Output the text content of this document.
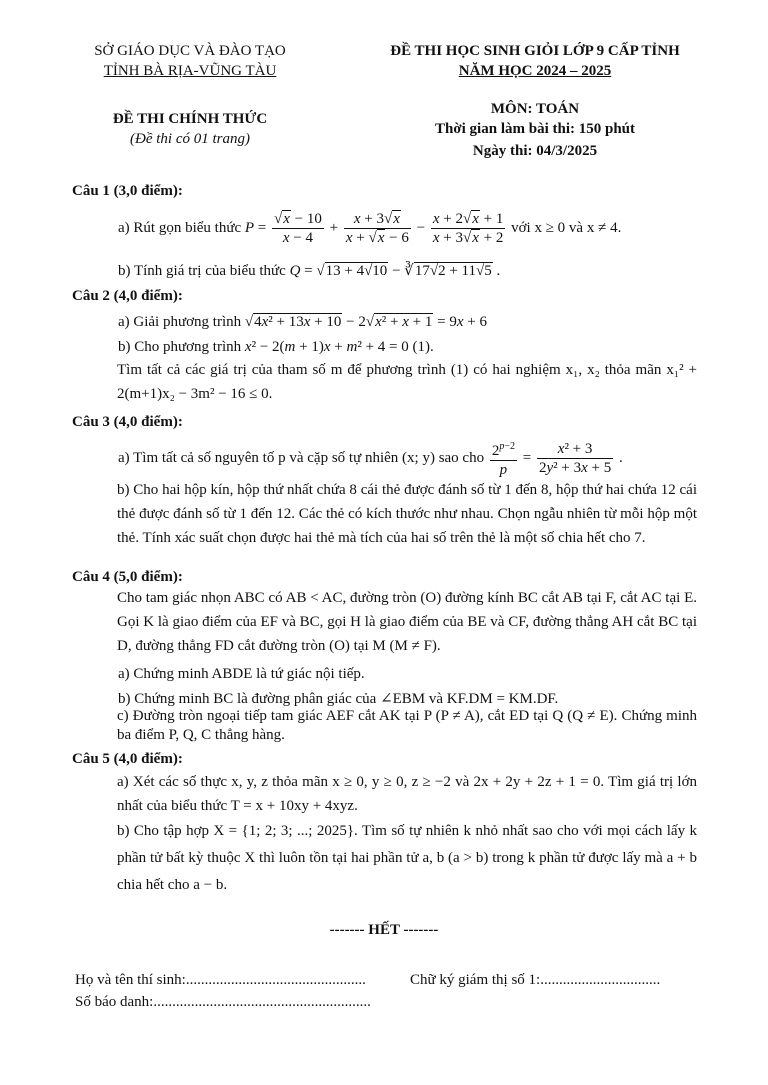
SỞ GIÁO DỤC VÀ ĐÀO TẠO
TỈNH BÀ RỊA-VŨNG TÀU
ĐỀ THI CHÍNH THỨC
(Đề thi có 01 trang)
ĐỀ THI HỌC SINH GIỎI LỚP 9 CẤP TỈNH
NĂM HỌC 2024 – 2025
MÔN: TOÁN
Thời gian làm bài thi: 150 phút
Ngày thi: 04/3/2025
Câu 1 (3,0 điểm):
a) Rút gọn biểu thức $P = \frac{√x - 10}{x - 4} + \frac{x + 3√x}{x + √x - 6} - \frac{x + 2√x + 1}{x + 3√x + 2}$ với x ≥ 0 và x ≠ 4.
b) Tính giá trị của biểu thức Q = √13 + 4√10 − ∛17√2 + 11√5 .
Câu 2 (4,0 điểm):
a) Giải phương trình √4x² + 13x + 10 − 2√x² + x + 1 = 9x + 6
b) Cho phương trình x² − 2(m + 1)x + m² + 4 = 0 (1).
Tìm tất cả các giá trị của tham số m để phương trình (1) có hai nghiệm x₁, x₂ thỏa mãn x₁² + 2(m+1)x₂ − 3m² − 16 ≤ 0.
Câu 3 (4,0 điểm):
a) Tìm tất cả số nguyên tố p và cặp số tự nhiên (x; y) sao cho $\frac{2^{p-2}}{p} = \frac{\text{x² + 3}}{\text{2y² + 3x + 5}}$ .
b) Cho hai hộp kín, hộp thứ nhất chứa 8 cái thẻ được đánh số từ 1 đến 8, hộp thứ hai chứa 12 cái thẻ được đánh số từ 1 đến 12. Các thẻ có kích thước như nhau. Chọn ngẫu nhiên từ mỗi hộp một thẻ. Tính xác suất chọn được hai thẻ mà tích của hai số trên thẻ là một số chia hết cho 7.
Câu 4 (5,0 điểm):
Cho tam giác nhọn ABC có AB < AC, đường tròn (O) đường kính BC cắt AB tại F, cắt AC tại E. Gọi K là giao điểm của EF và BC, gọi H là giao điểm của BE và CF, đường thẳng AH cắt BC tại D, đường thẳng FD cắt đường tròn (O) tại M (M ≠ F).
a) Chứng minh ABDE là tứ giác nội tiếp.
b) Chứng minh BC là đường phân giác của ∠EBM và KF.DM = KM.DF.
c) Đường tròn ngoại tiếp tam giác AEF cắt AK tại P (P ≠ A), cắt ED tại Q (Q ≠ E). Chứng minh ba điểm P, Q, C thẳng hàng.
Câu 5 (4,0 điểm):
a) Xét các số thực x, y, z thỏa mãn x ≥ 0, y ≥ 0, z ≥ −2 và 2x + 2y + 2z + 1 = 0. Tìm giá trị lớn nhất của biểu thức T = x + 10xy + 4xyz.
b) Cho tập hợp X = {1; 2; 3; ...; 2025}. Tìm số tự nhiên k nhỏ nhất sao cho với mọi cách lấy k phần tử bất kỳ thuộc X thì luôn tồn tại hai phần tử a, b (a > b) trong k phần tử được lấy mà a + b chia hết cho a − b.
------- HẾT -------
Họ và tên thí sinh:................................................	Chữ ký giám thị số 1:................................
Số báo danh:..........................................................
